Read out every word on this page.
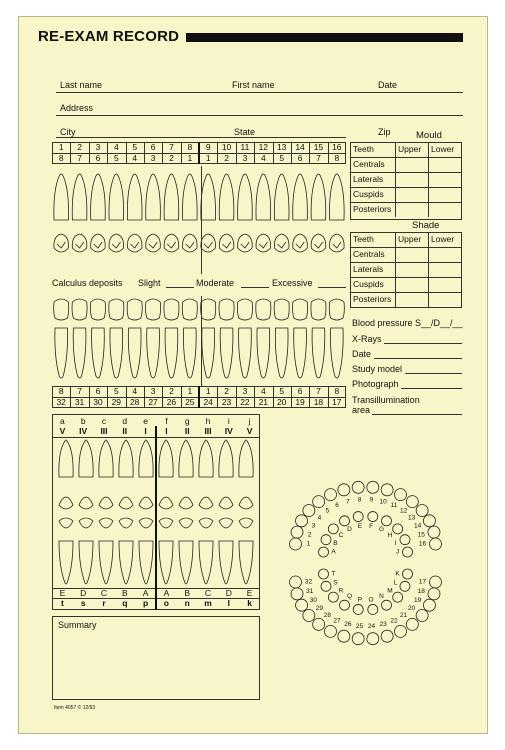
RE-EXAM RECORD
Last name	First name	Date
Address
City	State	Zip
Calculus deposits Slight	Moderate	Excessive
Mould
Shade
Blood pressure S__/D__/__
X-Rays
Date
Study model
Photograph
Transillumination
area
1
2
3
4
5
6
7 8 9 10
11
12
13
14
15
16
A
B
C
D E F G
H
I
J
17
18
19
20
21
22
23
24
25
26
27
28
29
30
31
32
K
L
M
N
O
P
Q
R
S
T
Summary
Item 4057 © 12/93
1	2	3	4	5	6	7	8	9	10	11	12	13	14	15	16
8	7	6	5	4	3	2	1	1	2	3	4	5	6	7	8
8	7	6	5	4	3	2	1	1	2	3	4	5	6	7	8
32	31	30	29	28	27	26	25	24	23	22	21	20	19	18	17
Teeth	Upper	Lower
Centrals
Laterals
Cuspids
Posteriors
Teeth	Upper	Lower
Centrals
Laterals
Cuspids
Posteriors
a	b	c	d	e	f	g	h	i	j
V	IV	III	II	I	I	II	III	IV	V
E	D	C	B	A	A	B	C	D	E
t	s	r	q	p	o	n	m	l	k
